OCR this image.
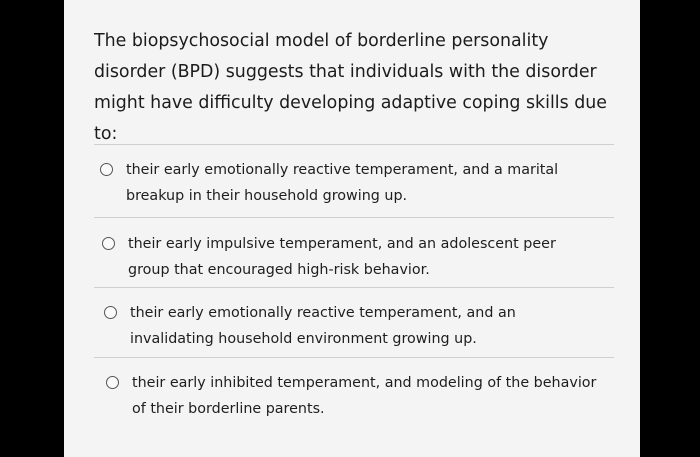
The biopsychosocial model of borderline personality disorder (BPD) suggests that individuals with the disorder might have difficulty developing adaptive coping skills due to:

their early emotionally reactive temperament, and a marital breakup in their household growing up.
their early impulsive temperament, and an adolescent peer group that encouraged high-risk behavior.
their early emotionally reactive temperament, and an invalidating household environment growing up.
their early inhibited temperament, and modeling of the behavior of their borderline parents.
